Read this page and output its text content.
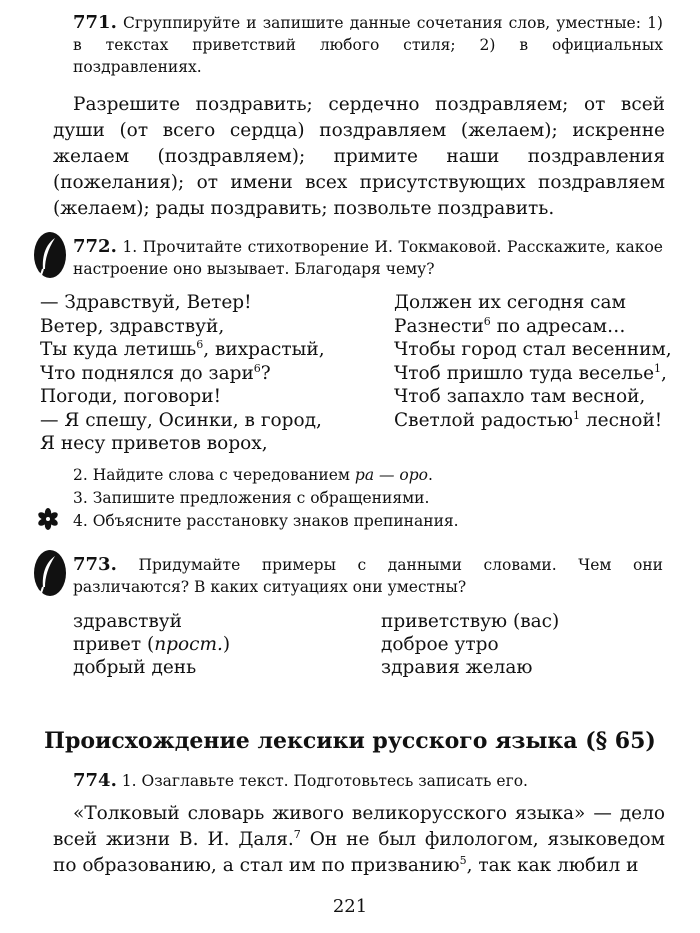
771. Сгруппируйте и запишите данные сочетания слов, уместные: 1) в текстах приветствий любого стиля; 2) в официальных поздравлениях.
Разрешите поздравить; сердечно поздравляем; от всей души (от всего сердца) поздравляем (желаем); искренне желаем (поздравляем); примите наши поздравления (пожелания); от имени всех присутствующих поздравляем (желаем); рады поздравить; позвольте поздравить.
772. 1. Прочитайте стихотворение И. Токмаковой. Расскажите, какое настроение оно вызывает. Благодаря чему?
— Здравствуй, Ветер!
Ветер, здравствуй,
Ты куда летишь$^6$, вихрастый,
Что поднялся до зари$^6$?
Погоди, поговори!
— Я спешу, Осинки, в город,
Я несу приветов ворох,
Должен их сегодня сам
Разнести$^6$ по адресам…
Чтобы город стал весенним,
Чтоб пришло туда веселье$^1$,
Чтоб запахло там весной,
Светлой радостью$^1$ лесной!
2. Найдите слова с чередованием ра — оро.
3. Запишите предложения с обращениями.
4. Объясните расстановку знаков препинания.
773. Придумайте примеры с данными словами. Чем они различаются? В каких ситуациях они уместны?
здравствуй
привет (прост.)
добрый день
приветствую (вас)
доброе утро
здравия желаю
Происхождение лексики русского языка (§ 65)
774. 1. Озаглавьте текст. Подготовьтесь записать его.
«Толковый словарь живого великорусского языка» — дело всей жизни В. И. Даля.$^7$ Он не был филологом, языковедом по образованию, а стал им по призванию$^5$, так как любил и
221
